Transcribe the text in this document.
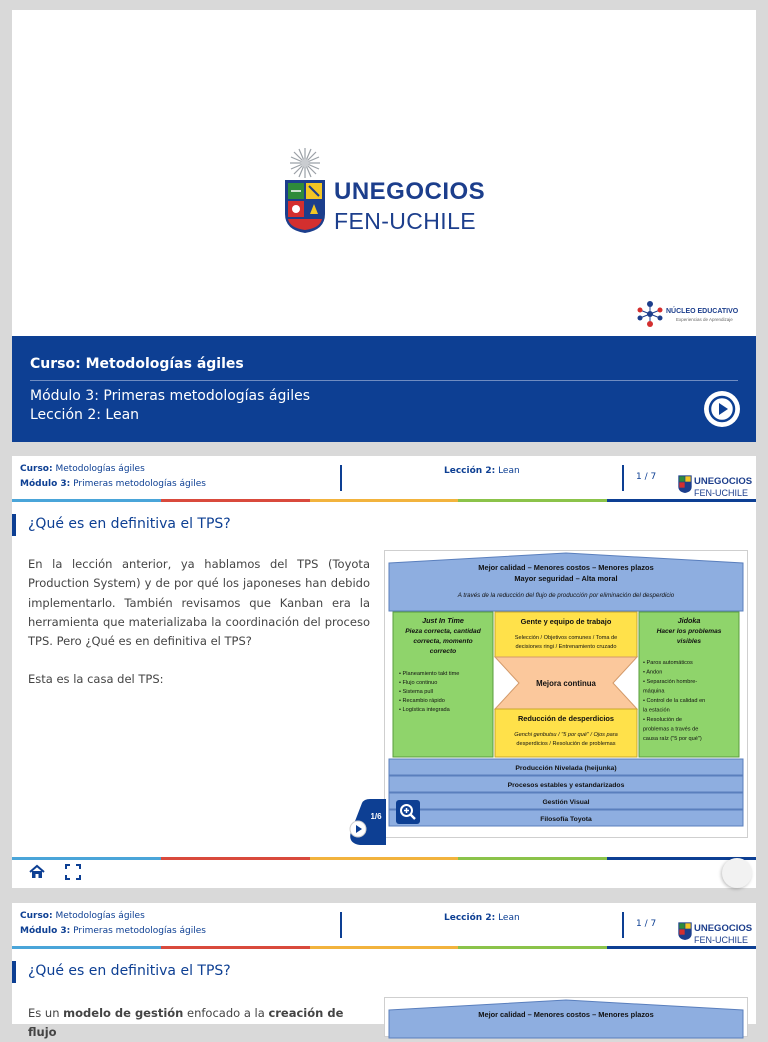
UNEGOCIOS
FEN-UCHILE
NÚCLEO EDUCATIVO
Experiencias de Aprendizaje
Curso: Metodologías ágiles
Módulo 3: Primeras metodologías ágiles
Lección 2: Lean
Curso: Metodologías ágiles
Módulo 3: Primeras metodologías ágiles
Lección 2: Lean
1 / 7	UNEGOCIOS
FEN-UCHILE
¿Qué es en definitiva el TPS?

En la lección anterior, ya hablamos del TPS (Toyota Production System) y de por qué los japoneses han debido implementarlo. También revisamos que Kanban era la herramienta que materializaba la coordinación del proceso TPS. Pero ¿Qué es en definitiva el TPS?

Esta es la casa del TPS:

Mejor calidad – Menores costos – Menores plazos
Mayor seguridad – Alta moral
A través de la reducción del flujo de producción por eliminación del desperdicio
Just In Time
Pieza correcta, cantidad
correcta, momento
correcto
• Planeamiento takt time
• Flujo continuo
• Sistema pull
• Recambio rápido
• Logística integrada
Gente y equipo de trabajo
Selección / Objetivos comunes / Toma de
decisiones ringi / Entrenamiento cruzado
Mejora continua
Reducción de desperdicios
Genchi genbutsu / "5 por qué" / Ojos para
desperdicios / Resolución de problemas
Jidoka
Hacer los problemas
visibles
• Paros automáticos
• Andon
• Separación hombre-
máquina
• Control de la calidad en
la estación
• Resolución de
problemas a través de
causa raíz ("5 por qué")
Producción Nivelada (heijunka)
Procesos estables y estandarizados
Gestión Visual
Filosofía Toyota
1/6
Curso: Metodologías ágiles
Módulo 3: Primeras metodologías ágiles
Lección 2: Lean
1 / 7	UNEGOCIOS
FEN-UCHILE
¿Qué es en definitiva el TPS?
Es un modelo de gestión enfocado a la creación de flujo
Mejor calidad – Menores costos – Menores plazos
